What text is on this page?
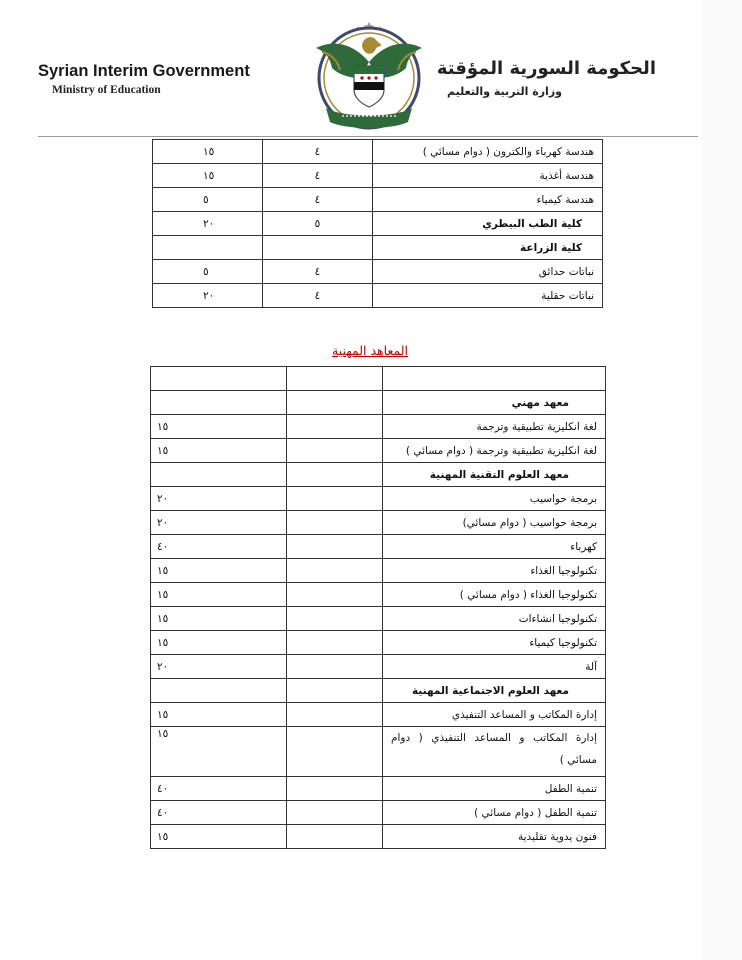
Syrian Interim Government
Ministry of Education
الحكومة السورية المؤقتة
وزارة التربية والتعليم
هندسة كهرباء والكترون ( دوام مسائي )	٤	١٥
هندسة أغذية	٤	١٥
هندسة كيمياء	٤	٥
كلية الطب البيطري	٥	٢٠
كلية الزراعة		
نباتات حدائق	٤	٥
نباتات حقلية	٤	٢٠
المعاهد المهنية

معهد مهني		
لغة انكليزية تطبيقية وترجمة		١٥
لغة انكليزية تطبيقية وترجمة ( دوام مسائي )		١٥
معهد العلوم التقنية المهنية		
برمجة حواسيب		٢٠
برمجة حواسيب ( دوام مسائي)		٢٠
كهرباء		٤٠
تكنولوجيا الغذاء		١٥
تكنولوجيا الغذاء ( دوام مسائي )		١٥
تكنولوجيا انشاءات		١٥
تكنولوجيا كيمياء		١٥
آلة		٢٠
معهد العلوم الاجتماعية المهنية		
إدارة المكاتب و المساعد التنفيذي		١٥
إدارة المكاتب و المساعد التنفيذي ( دوام مسائي )		١٥
تنمية الطفل		٤٠
تنمية الطفل ( دوام مسائي )		٤٠
فنون يدوية تقليدية		١٥
